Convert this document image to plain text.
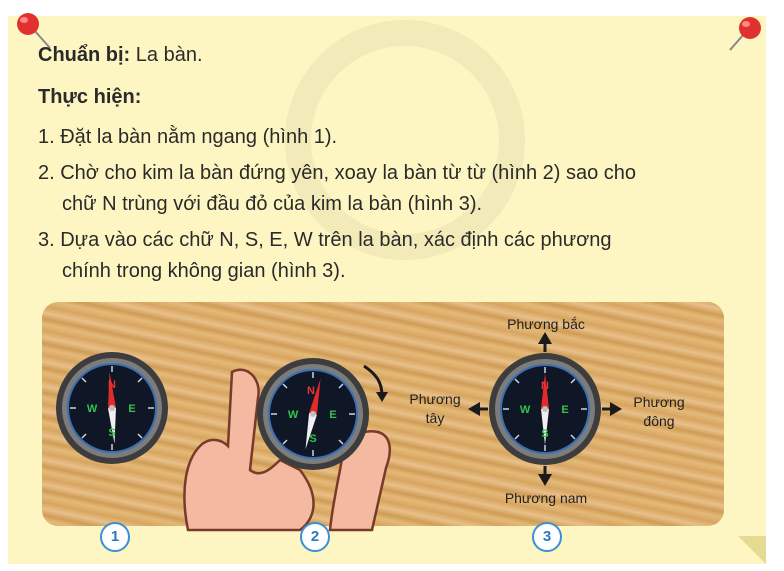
Chuẩn bị: La bàn.
Thực hiện:
1. Đặt la bàn nằm ngang (hình 1).
2. Chờ cho kim la bàn đứng yên, xoay la bàn từ từ (hình 2) sao cho
chữ N trùng với đầu đỏ của kim la bàn (hình 3).
3. Dựa vào các chữ N, S, E, W trên la bàn, xác định các phương
chính trong không gian (hình 3).
N
E
W
S
N
E
W
S
N
E
W
S
Phương bắc
Phương nam
Phương
tây
Phương
đông
1	2	3
